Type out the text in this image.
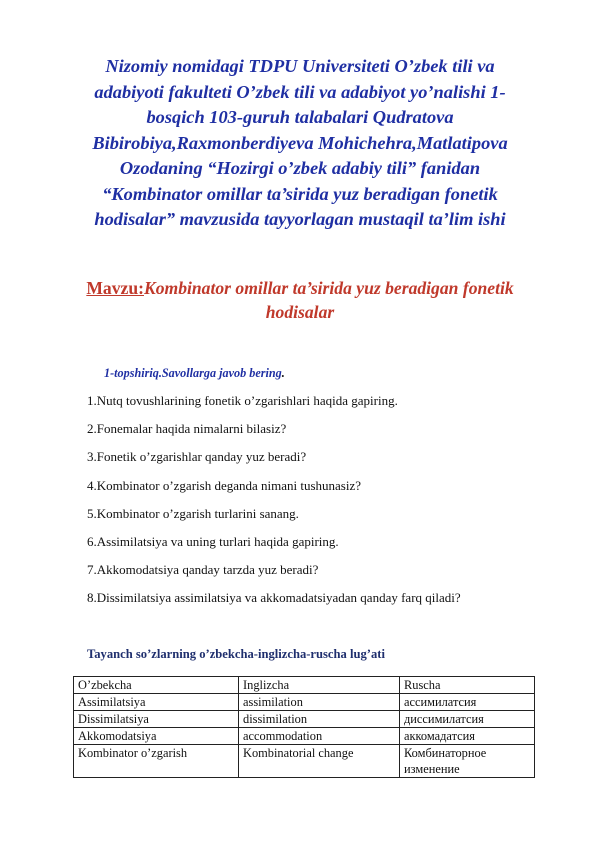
Nizomiy nomidagi TDPU Universiteti O’zbek tili va adabiyoti fakulteti O’zbek tili va adabiyot yo’nalishi 1-bosqich 103-guruh talabalari Qudratova Bibirobiya,Raxmonberdiyeva Mohichehra,Matlatipova Ozodaning “Hozirgi o’zbek adabiy tili” fanidan “Kombinator omillar ta’sirida yuz beradigan fonetik hodisalar” mavzusida tayyorlagan mustaqil ta’lim ishi

Mavzu:Kombinator omillar ta’sirida yuz beradigan fonetik hodisalar

1-topshiriq.Savollarga javob bering.

1.Nutq tovushlarining fonetik o’zgarishlari haqida gapiring.
2.Fonemalar haqida nimalarni bilasiz?
3.Fonetik o’zgarishlar qanday yuz beradi?
4.Kombinator o’zgarish deganda nimani tushunasiz?
5.Kombinator o’zgarish turlarini sanang.
6.Assimilatsiya va uning turlari haqida gapiring.
7.Akkomodatsiya qanday tarzda yuz beradi?
8.Dissimilatsiya assimilatsiya va akkomadatsiyadan qanday farq qiladi?

Tayanch so’zlarning o’zbekcha-inglizcha-ruscha lug’ati

O’zbekcha	Inglizcha	Ruscha
Assimilatsiya	assimilation	ассимилатсия
Dissimilatsiya	dissimilation	диссимилатсия
Akkomodatsiya	accommodation	аккомадатсия
Kombinator o’zgarish	Kombinatorial change	Комбинаторное изменение
